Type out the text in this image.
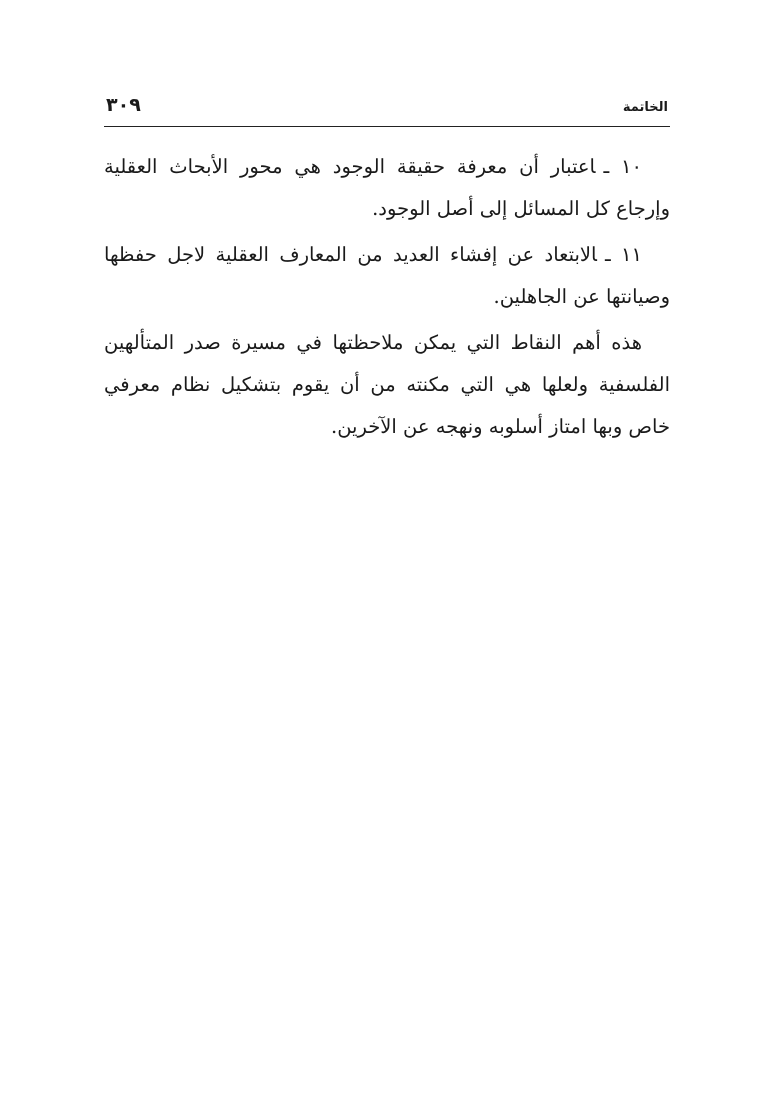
الخاتمة
٣٠٩

١٠ ـاعتبار أن معرفة حقيقة الوجود هي محور الأبحاث العقلية وإرجاع كل المسائل إلى أصل الوجود.

١١ ـالابتعاد عن إفشاء العديد من المعارف العقلية لاجل حفظها وصيانتها عن الجاهلين.

هذه أهم النقاط التي يمكن ملاحظتها في مسيرة صدر المتألهين الفلسفية ولعلها هي التي مكنته من أن يقوم بتشكيل نظام معرفي خاص وبها امتاز أسلوبه ونهجه عن الآخرين.
